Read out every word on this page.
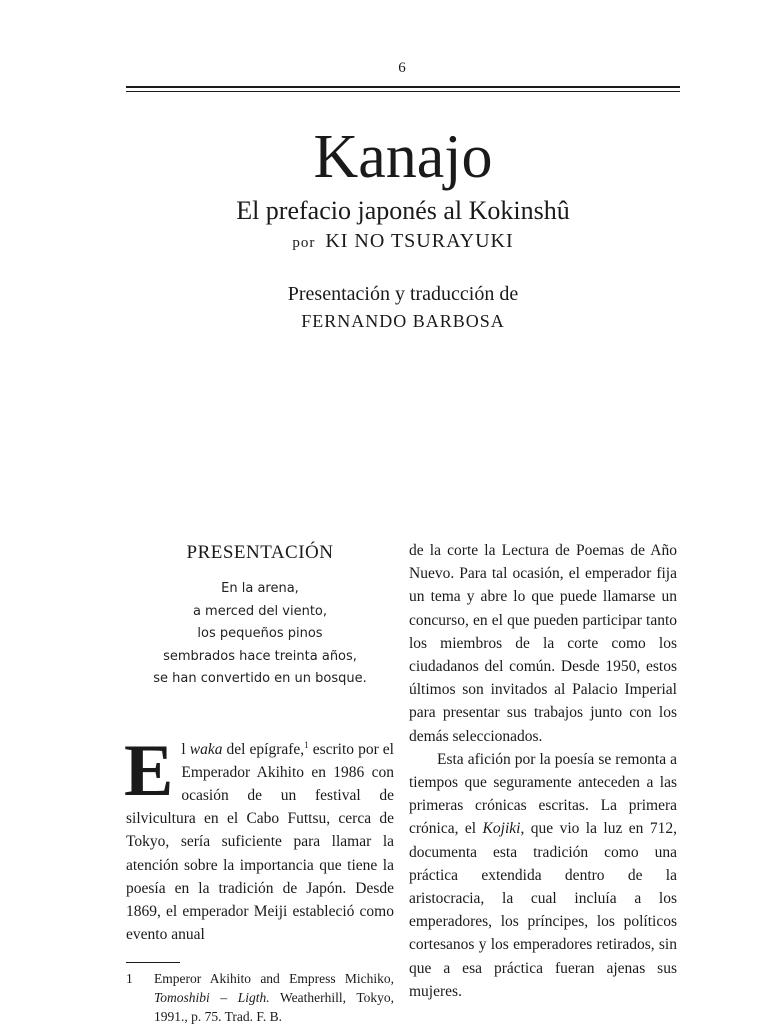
6
Kanajo
El prefacio japonés al Kokinshû
por KI NO TSURAYUKI
Presentación y traducción de
FERNANDO BARBOSA
PRESENTACIÓN
En la arena,
a merced del viento,
los pequeños pinos
sembrados hace treinta años,
se han convertido en un bosque.

El waka del epígrafe,$^1$ escrito por el Emperador Akihito en 1986 con ocasión de un festival de silvicultura en el Cabo Futtsu, cerca de Tokyo, sería suficiente para llamar la atención sobre la importancia que tiene la poesía en la tradición de Japón. Desde 1869, el emperador Meiji estableció como evento anual

de la corte la Lectura de Poemas de Año Nuevo. Para tal ocasión, el emperador fija un tema y abre lo que puede llamarse un concurso, en el que pueden participar tanto los miembros de la corte como los ciudadanos del común. Desde 1950, estos últimos son invitados al Palacio Imperial para presentar sus trabajos junto con los demás seleccionados.

Esta afición por la poesía se remonta a tiempos que seguramente anteceden a las primeras crónicas escritas. La primera crónica, el Kojiki, que vio la luz en 712, documenta esta tradición como una práctica extendida dentro de la aristocracia, la cual incluía a los emperadores, los príncipes, los políticos cortesanos y los emperadores retirados, sin que a esa práctica fueran ajenas sus mujeres.

1 Emperor Akihito and Empress Michiko, Tomoshibi – Ligth. Weatherhill, Tokyo, 1991., p. 75. Trad. F. B.
